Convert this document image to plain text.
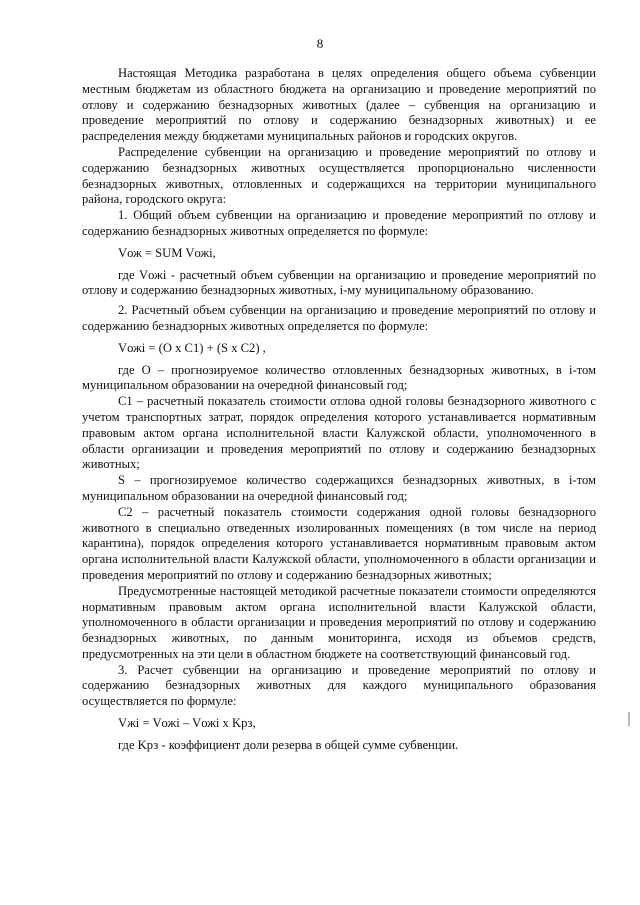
8

Настоящая Методика разработана в целях определения общего объема субвенции местным бюджетам из областного бюджета на организацию и проведение мероприятий по отлову и содержанию безнадзорных животных (далее – субвенция на организацию и проведение мероприятий по отлову и содержанию безнадзорных животных) и ее распределения между бюджетами муниципальных районов и городских округов.

Распределение субвенции на организацию и проведение мероприятий по отлову и содержанию безнадзорных животных осуществляется пропорционально численности безнадзорных животных, отловленных и содержащихся на территории муниципального района, городского округа:

1. Общий объем субвенции на организацию и проведение мероприятий по отлову и содержанию безнадзорных животных определяется по формуле:

Vож = SUM Vожi,

где Vожi - расчетный объем субвенции на организацию и проведение мероприятий по отлову и содержанию безнадзорных животных, i-му муниципальному образованию.

2. Расчетный объем субвенции на организацию и проведение мероприятий по отлову и содержанию безнадзорных животных определяется по формуле:

Vожi = (O x C1) + (S x C2) ,

где O – прогнозируемое количество отловленных безнадзорных животных, в i-том муниципальном образовании на очередной финансовый год;

C1 – расчетный показатель стоимости отлова одной головы безнадзорного животного с учетом транспортных затрат, порядок определения которого устанавливается нормативным правовым актом органа исполнительной власти Калужской области, уполномоченного в области организации и проведения мероприятий по отлову и содержанию безнадзорных животных;

S – прогнозируемое количество содержащихся безнадзорных животных, в i-том муниципальном образовании на очередной финансовый год;

C2 – расчетный показатель стоимости содержания одной головы безнадзорного животного в специально отведенных изолированных помещениях (в том числе на период карантина), порядок определения которого устанавливается нормативным правовым актом органа исполнительной власти Калужской области, уполномоченного в области организации и проведения мероприятий по отлову и содержанию безнадзорных животных;

Предусмотренные настоящей методикой расчетные показатели стоимости определяются нормативным правовым актом органа исполнительной власти Калужской области, уполномоченного в области организации и проведения мероприятий по отлову и содержанию безнадзорных животных, по данным мониторинга, исходя из объемов средств, предусмотренных на эти цели в областном бюджете на соответствующий финансовый год.

3. Расчет субвенции на организацию и проведение мероприятий по отлову и содержанию безнадзорных животных для каждого муниципального образования осуществляется по формуле:

Vжi = Vожi – Vожi x Kрз,

где Kрз - коэффициент доли резерва в общей сумме субвенции.
